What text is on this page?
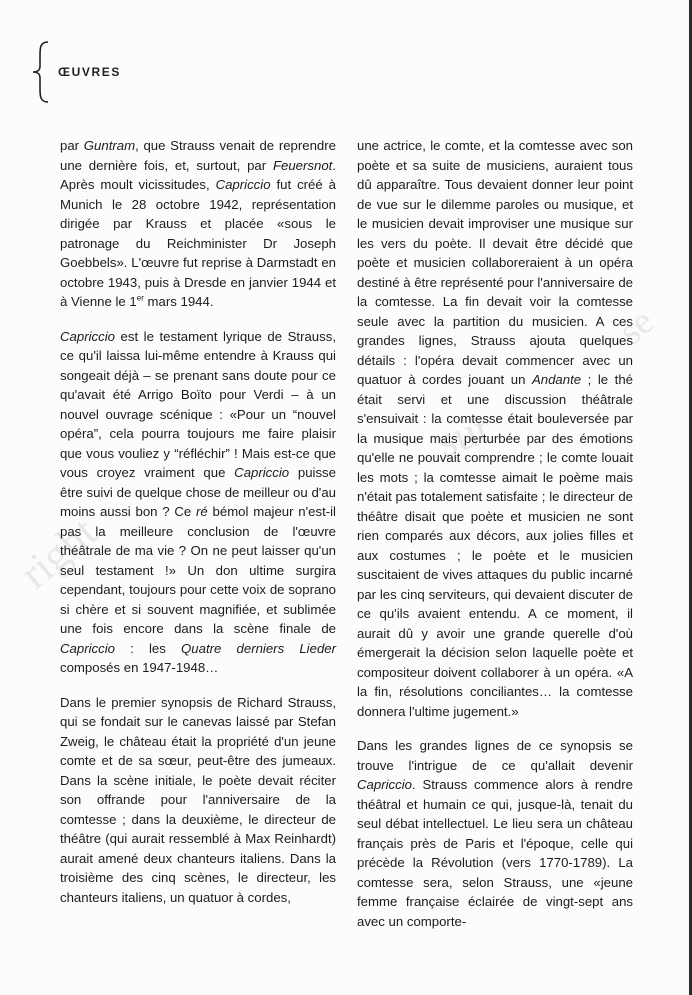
right
sur
se
ŒUVRES

par Guntram, que Strauss venait de reprendre une dernière fois, et, surtout, par Feuersnot. Après moult vicissitudes, Capriccio fut créé à Munich le 28 octobre 1942, représentation dirigée par Krauss et placée «sous le patronage du Reichminister Dr Joseph Goebbels». L'œuvre fut reprise à Darmstadt en octobre 1943, puis à Dresde en janvier 1944 et à Vienne le 1er mars 1944.

Capriccio est le testament lyrique de Strauss, ce qu'il laissa lui-même entendre à Krauss qui songeait déjà – se prenant sans doute pour ce qu'avait été Arrigo Boïto pour Verdi – à un nouvel ouvrage scénique : «Pour un “nouvel opéra”, cela pourra toujours me faire plaisir que vous vouliez y “réfléchir” ! Mais est-ce que vous croyez vraiment que Capriccio puisse être suivi de quelque chose de meilleur ou d'au moins aussi bon ? Ce ré bémol majeur n'est-il pas la meilleure conclusion de l'œuvre théâtrale de ma vie ? On ne peut laisser qu'un seul testament !» Un don ultime surgira cependant, toujours pour cette voix de soprano si chère et si souvent magnifiée, et sublimée une fois encore dans la scène finale de Capriccio : les Quatre derniers Lieder composés en 1947-1948…

Dans le premier synopsis de Richard Strauss, qui se fondait sur le canevas laissé par Stefan Zweig, le château était la propriété d'un jeune comte et de sa sœur, peut-être des jumeaux. Dans la scène initiale, le poète devait réciter son offrande pour l'anniversaire de la comtesse ; dans la deuxième, le directeur de théâtre (qui aurait ressemblé à Max Reinhardt) aurait amené deux chanteurs italiens. Dans la troisième des cinq scènes, le directeur, les chanteurs italiens, un quatuor à cordes,

une actrice, le comte, et la comtesse avec son poète et sa suite de musiciens, auraient tous dû apparaître. Tous devaient donner leur point de vue sur le dilemme paroles ou musique, et le musicien devait improviser une musique sur les vers du poète. Il devait être décidé que poète et musicien collaboreraient à un opéra destiné à être représenté pour l'anniversaire de la comtesse. La fin devait voir la comtesse seule avec la partition du musicien. A ces grandes lignes, Strauss ajouta quelques détails : l'opéra devait commencer avec un quatuor à cordes jouant un Andante ; le thé était servi et une discussion théâtrale s'ensuivait : la comtesse était bouleversée par la musique mais perturbée par des émotions qu'elle ne pouvait comprendre ; le comte louait les mots ; la comtesse aimait le poème mais n'était pas totalement satisfaite ; le directeur de théâtre disait que poète et musicien ne sont rien comparés aux décors, aux jolies filles et aux costumes ; le poète et le musicien suscitaient de vives attaques du public incarné par les cinq serviteurs, qui devaient discuter de ce qu'ils avaient entendu. A ce moment, il aurait dû y avoir une grande querelle d'où émergerait la décision selon laquelle poète et compositeur doivent collaborer à un opéra. «A la fin, résolutions conciliantes… la comtesse donnera l'ultime jugement.»

Dans les grandes lignes de ce synopsis se trouve l'intrigue de ce qu'allait devenir Capriccio. Strauss commence alors à rendre théâtral et humain ce qui, jusque-là, tenait du seul débat intellectuel. Le lieu sera un château français près de Paris et l'époque, celle qui précède la Révolution (vers 1770-1789). La comtesse sera, selon Strauss, une «jeune femme française éclairée de vingt-sept ans avec un comporte-
